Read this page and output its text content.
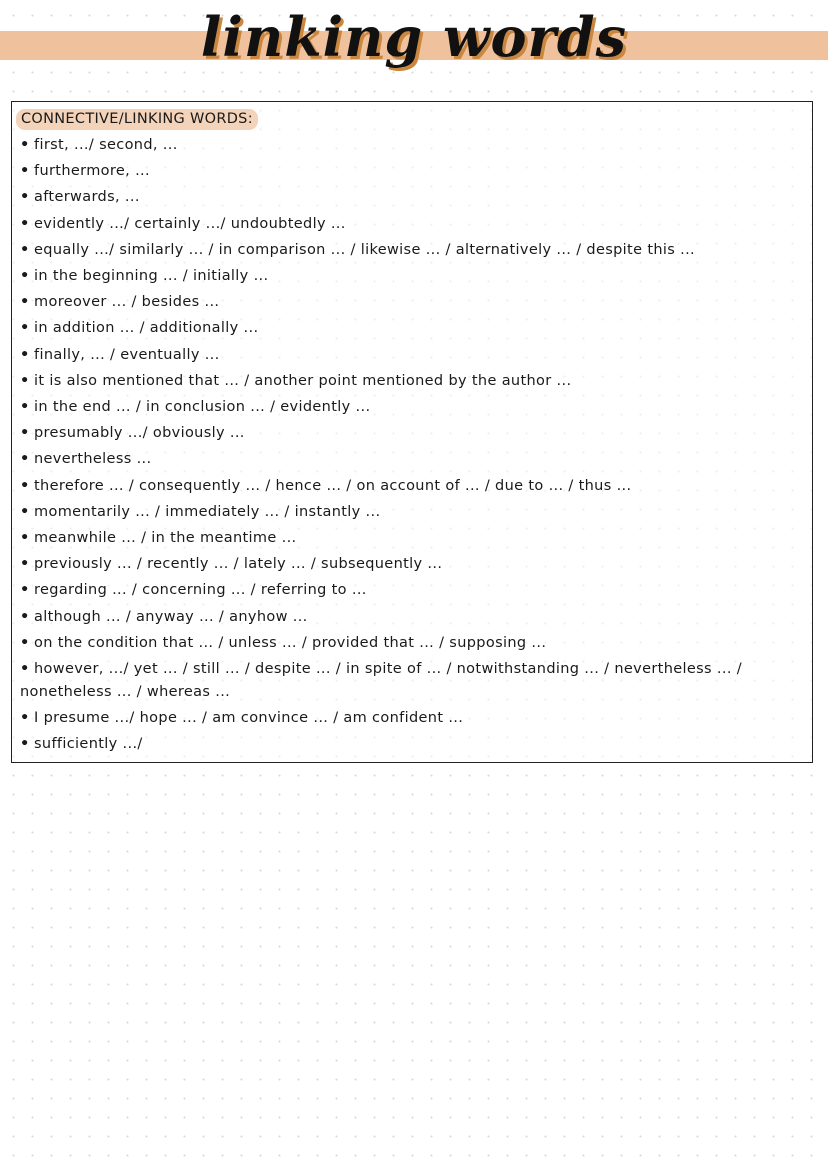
linking words
CONNECTIVE/LINKING WORDS:
• first, .../ second, ...
• furthermore, ...
• afterwards, ...
• evidently .../ certainly .../ undoubtedly ...
• equally .../ similarly ... / in comparison ... / likewise ... / alternatively ... / despite this ...
• in the beginning ... / initially ...
• moreover ... / besides ...
• in addition ... / additionally ...
• finally, ... / eventually ...
• it is also mentioned that ... / another point mentioned by the author ...
• in the end ... / in conclusion ... / evidently ...
• presumably .../ obviously ...
• nevertheless ...
• therefore ... / consequently ... / hence ... / on account of ... / due to ... / thus ...
• momentarily ... / immediately ... / instantly ...
• meanwhile ... / in the meantime ...
• previously ... / recently ... / lately ... / subsequently ...
• regarding ... / concerning ... / referring to ...
• although ... / anyway ... / anyhow ...
• on the condition that ... / unless ... / provided that ... / supposing ...
• however, .../ yet ... / still ... / despite ... / in spite of ... / notwithstanding ... / nevertheless ... / nonetheless ... / whereas ...
• I presume .../ hope ... / am convince ... / am confident ...
• sufficiently .../
